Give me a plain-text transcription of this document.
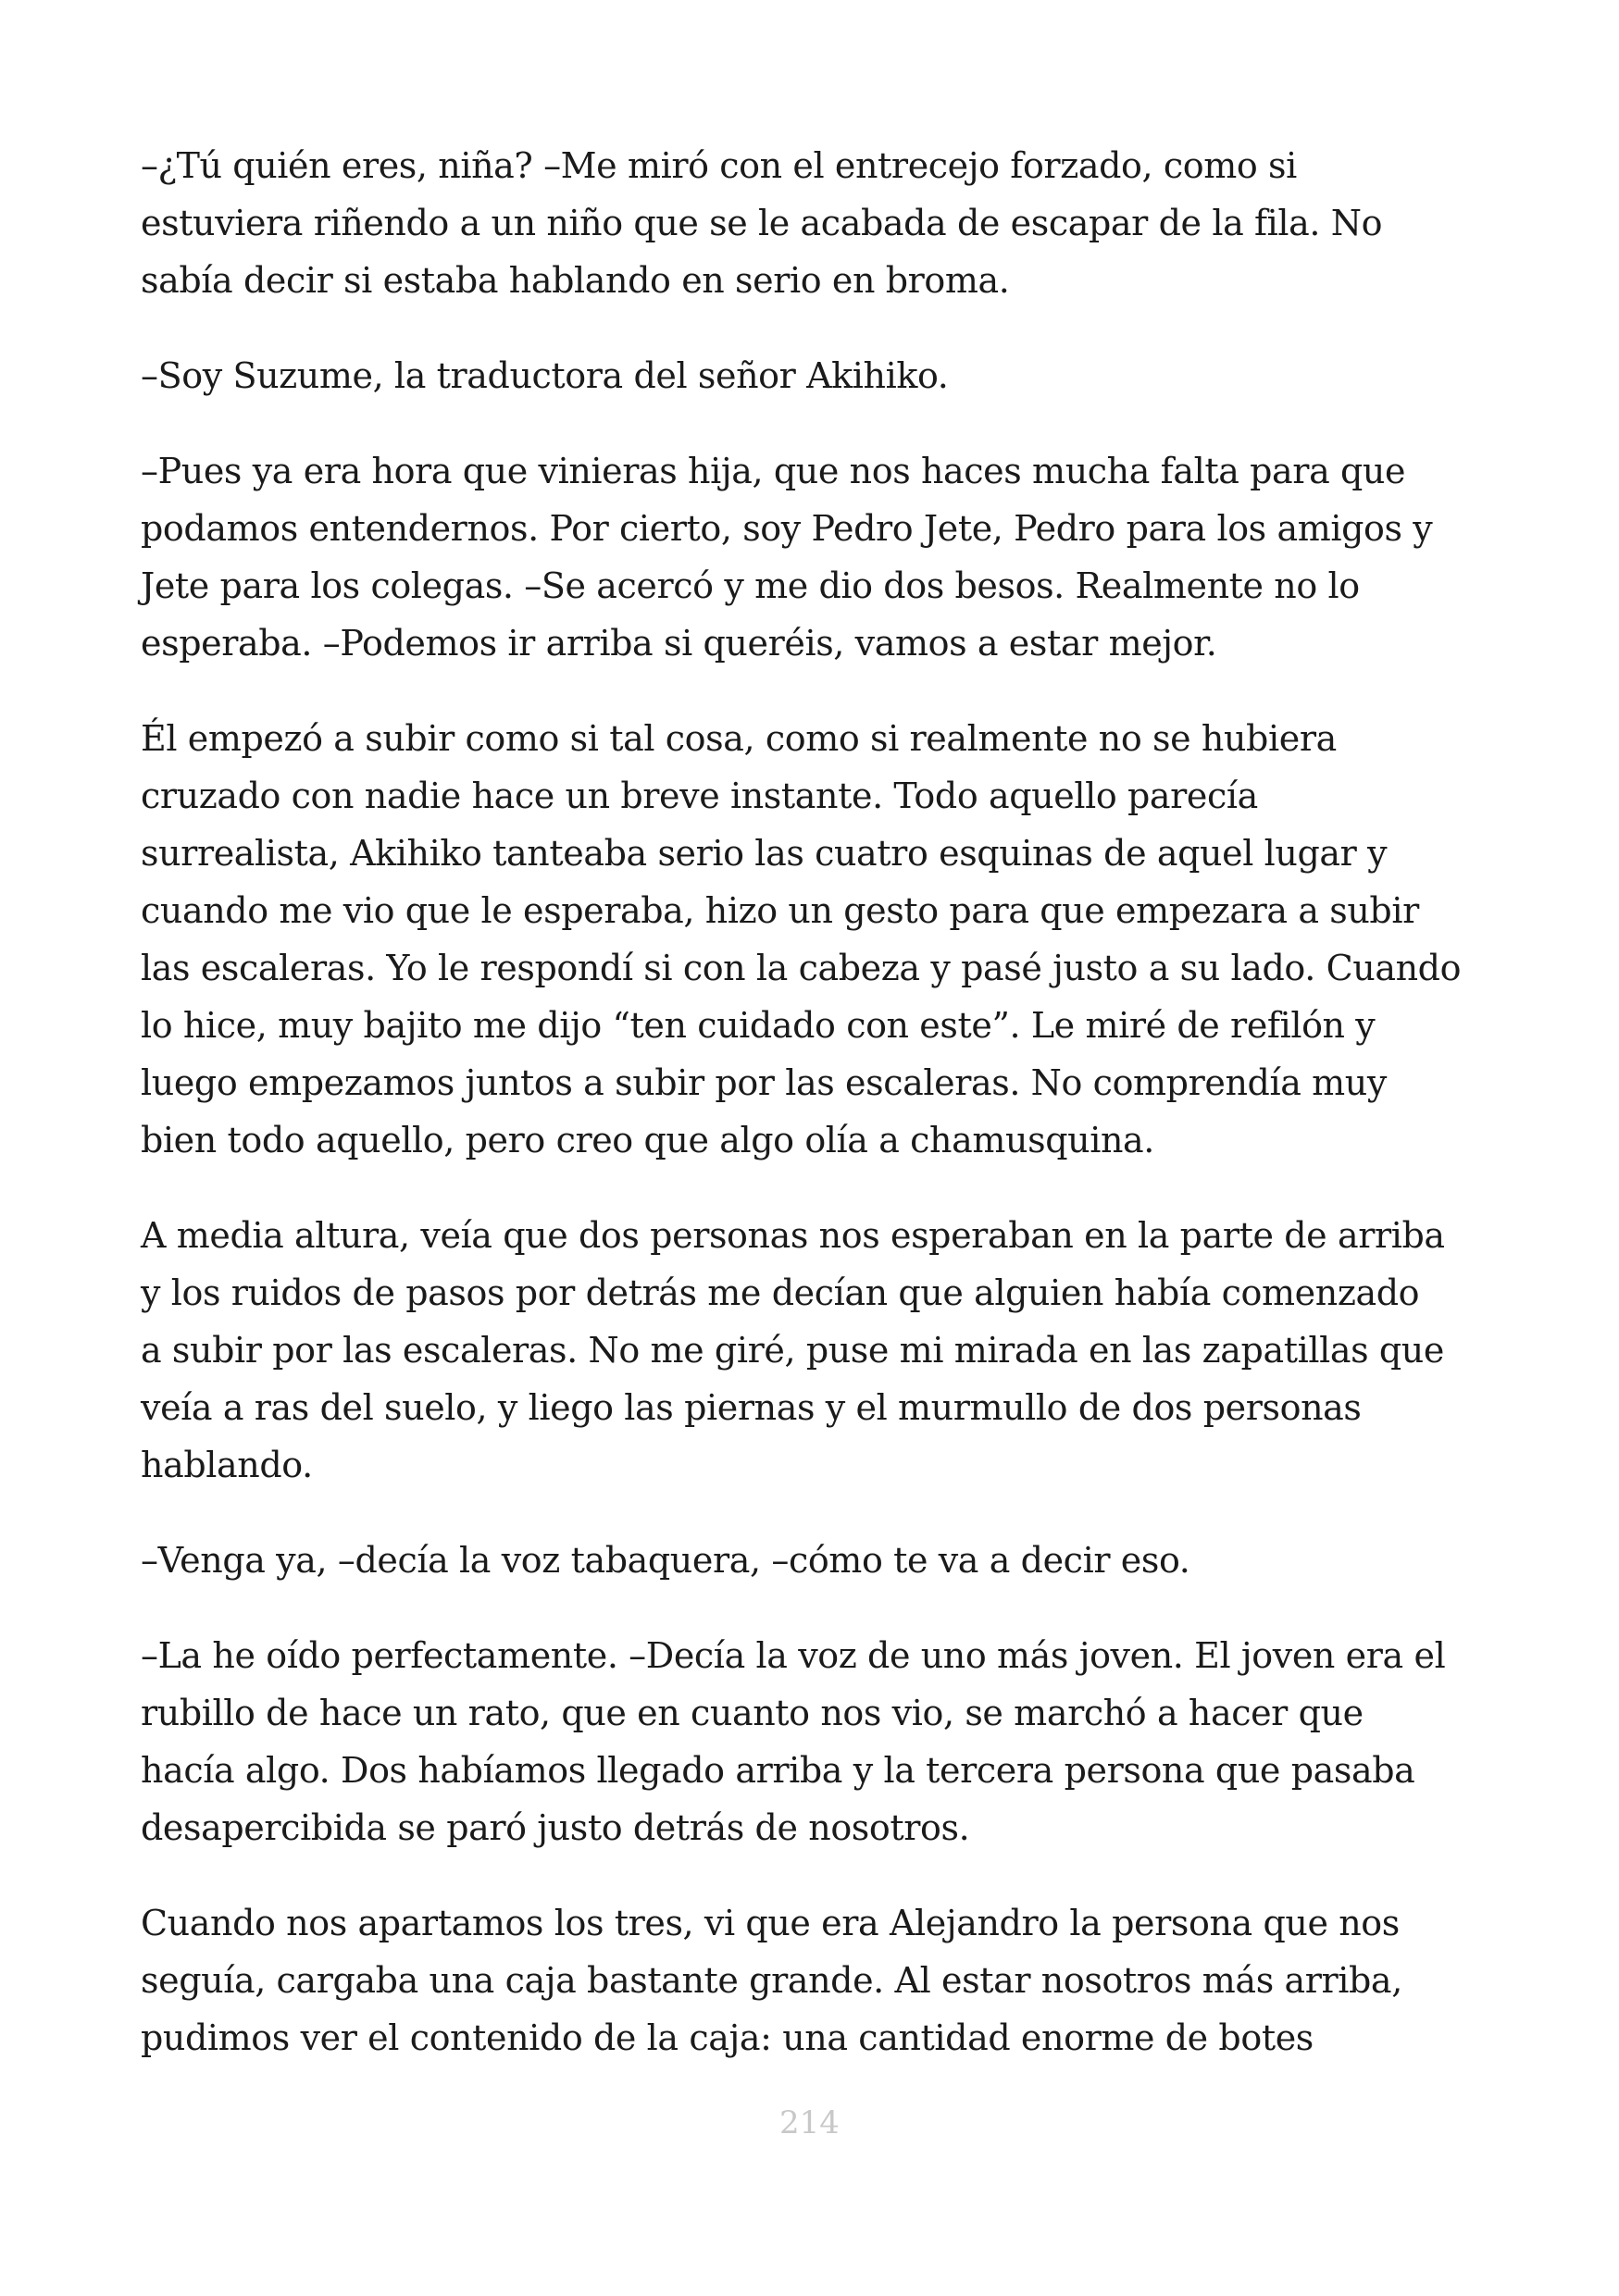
–¿Tú quién eres, niña? –Me miró con el entrecejo forzado, como si
estuviera riñendo a un niño que se le acabada de escapar de la fila. No
sabía decir si estaba hablando en serio en broma.

–Soy Suzume, la traductora del señor Akihiko.

–Pues ya era hora que vinieras hija, que nos haces mucha falta para que
podamos entendernos. Por cierto, soy Pedro Jete, Pedro para los amigos y
Jete para los colegas. –Se acercó y me dio dos besos. Realmente no lo
esperaba. –Podemos ir arriba si queréis, vamos a estar mejor.

Él empezó a subir como si tal cosa, como si realmente no se hubiera
cruzado con nadie hace un breve instante. Todo aquello parecía
surrealista, Akihiko tanteaba serio las cuatro esquinas de aquel lugar y
cuando me vio que le esperaba, hizo un gesto para que empezara a subir
las escaleras. Yo le respondí si con la cabeza y pasé justo a su lado. Cuando
lo hice, muy bajito me dijo “ten cuidado con este”. Le miré de refilón y
luego empezamos juntos a subir por las escaleras. No comprendía muy
bien todo aquello, pero creo que algo olía a chamusquina.

A media altura, veía que dos personas nos esperaban en la parte de arriba
y los ruidos de pasos por detrás me decían que alguien había comenzado
a subir por las escaleras. No me giré, puse mi mirada en las zapatillas que
veía a ras del suelo, y liego las piernas y el murmullo de dos personas
hablando.

–Venga ya, –decía la voz tabaquera, –cómo te va a decir eso.

–La he oído perfectamente. –Decía la voz de uno más joven. El joven era el
rubillo de hace un rato, que en cuanto nos vio, se marchó a hacer que
hacía algo. Dos habíamos llegado arriba y la tercera persona que pasaba
desapercibida se paró justo detrás de nosotros.

Cuando nos apartamos los tres, vi que era Alejandro la persona que nos
seguía, cargaba una caja bastante grande. Al estar nosotros más arriba,
pudimos ver el contenido de la caja: una cantidad enorme de botes

214
